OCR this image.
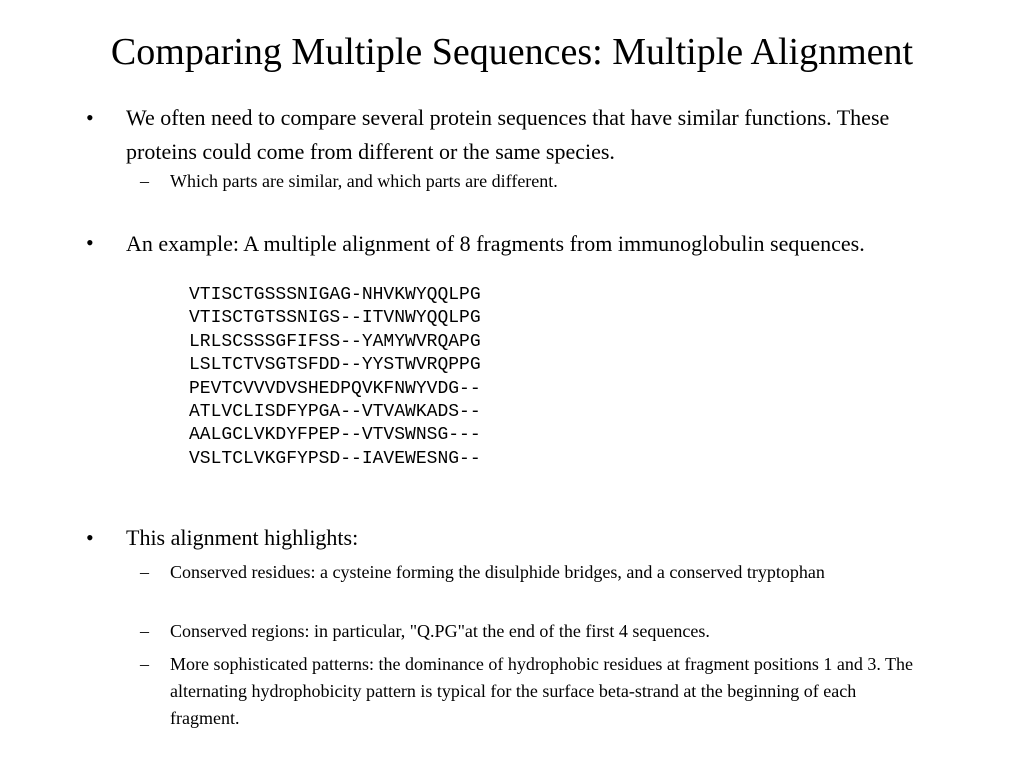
Comparing Multiple Sequences: Multiple Alignment
• We often need to compare several protein sequences that have similar functions. These proteins could come from different or the same species.
– Which parts are similar, and which parts are different.
• An example: A multiple alignment of 8 fragments from immunoglobulin sequences.
VTISCTGSSSNIGAG-NHVKWYQQLPG
VTISCTGTSSNIGS--ITVNWYQQLPG
LRLSCSSSGFIFSS--YAMYWVRQAPG
LSLTCTVSGTSFDD--YYSTWVRQPPG
PEVTCVVVDVSHEDPQVKFNWYVDG--
ATLVCLISDFYPGA--VTVAWKADS--
AALGCLVKDYFPEP--VTVSWNSG---
VSLTCLVKGFYPSD--IAVEWESNG--
• This alignment highlights:
– Conserved residues: a cysteine forming the disulphide bridges, and a conserved tryptophan
– Conserved regions: in particular, "Q.PG"at the end of the first 4 sequences.
– More sophisticated patterns: the dominance of hydrophobic residues at fragment positions 1 and 3. The alternating hydrophobicity pattern is typical for the surface beta-strand at the beginning of each fragment.
